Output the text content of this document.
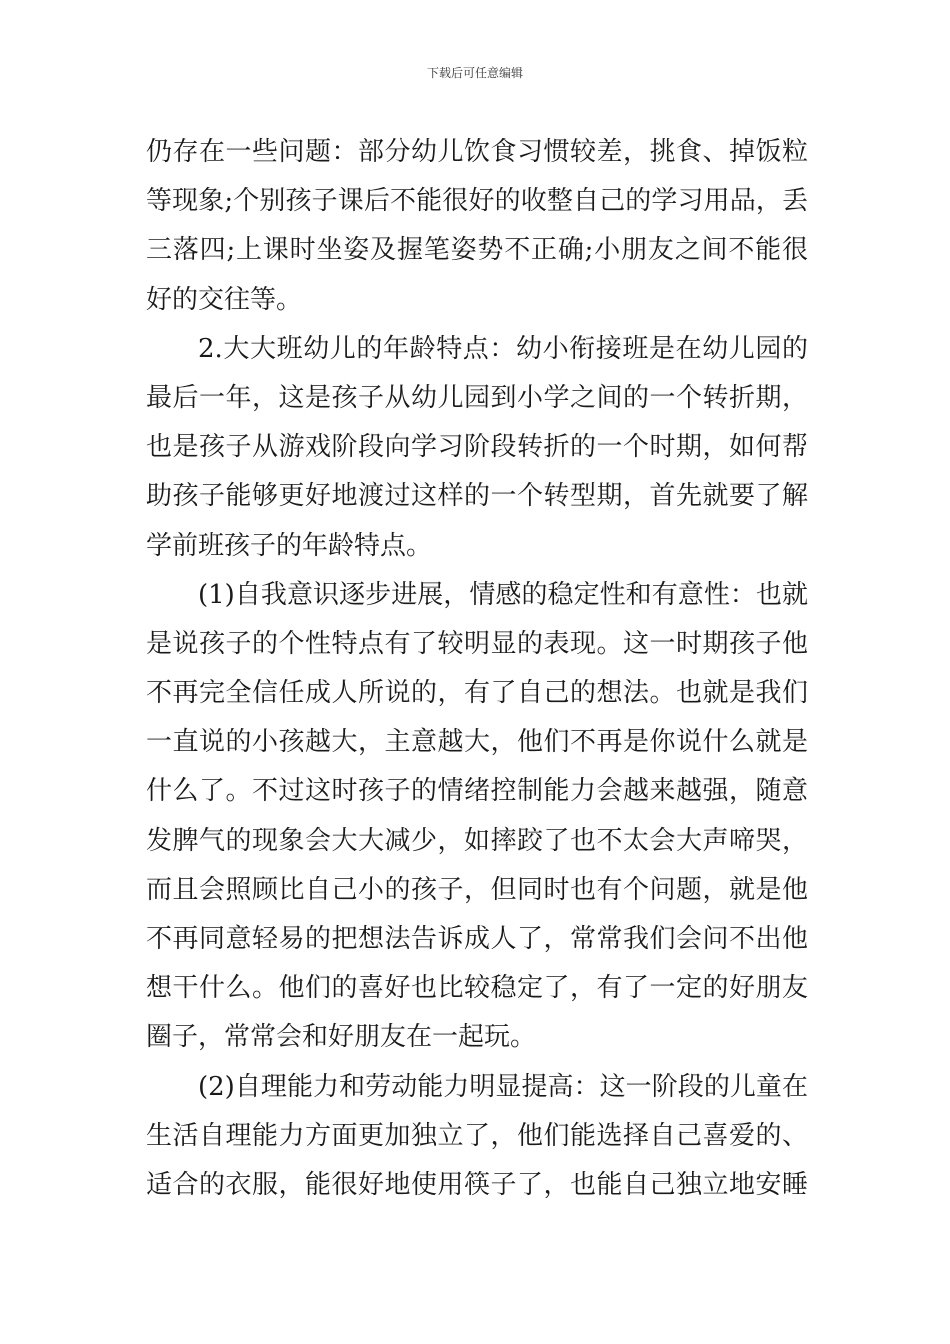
下载后可任意编辑
仍存在一些问题：部分幼儿饮食习惯较差，挑食、掉饭粒
等现象;个别孩子课后不能很好的收整自己的学习用品，丢
三落四;上课时坐姿及握笔姿势不正确;小朋友之间不能很
好的交往等。
2.大大班幼儿的年龄特点：幼小衔接班是在幼儿园的
最后一年，这是孩子从幼儿园到小学之间的一个转折期，
也是孩子从游戏阶段向学习阶段转折的一个时期，如何帮
助孩子能够更好地渡过这样的一个转型期，首先就要了解
学前班孩子的年龄特点。
(1)自我意识逐步进展，情感的稳定性和有意性：也就
是说孩子的个性特点有了较明显的表现。这一时期孩子他
不再完全信任成人所说的，有了自己的想法。也就是我们
一直说的小孩越大，主意越大，他们不再是你说什么就是
什么了。不过这时孩子的情绪控制能力会越来越强，随意
发脾气的现象会大大减少，如摔跤了也不太会大声啼哭，
而且会照顾比自己小的孩子，但同时也有个问题，就是他
不再同意轻易的把想法告诉成人了，常常我们会问不出他
想干什么。他们的喜好也比较稳定了，有了一定的好朋友
圈子，常常会和好朋友在一起玩。
(2)自理能力和劳动能力明显提高：这一阶段的儿童在
生活自理能力方面更加独立了，他们能选择自己喜爱的、
适合的衣服，能很好地使用筷子了，也能自己独立地安睡
